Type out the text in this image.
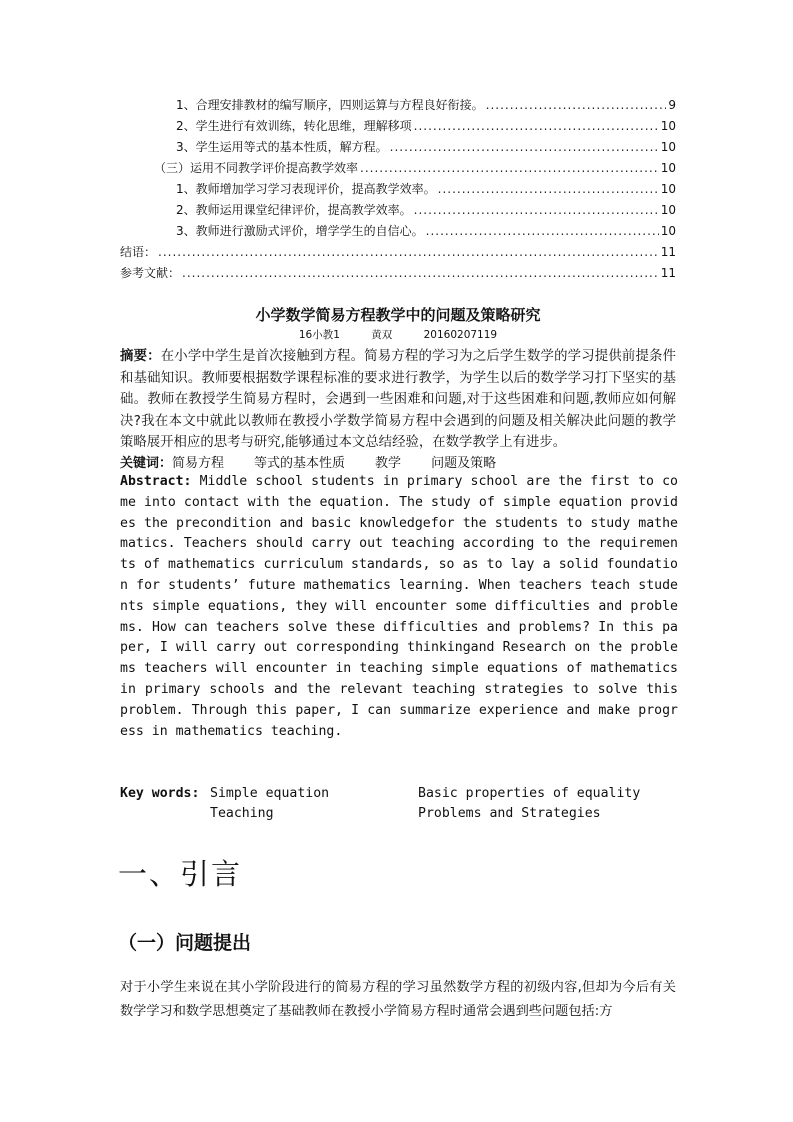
1、合理安排教材的编写顺序，四则运算与方程良好衔接。 .....	9
2、学生进行有效训练，转化思维，理解移项 .....	10
3、学生运用等式的基本性质，解方程。 .....	10
（三）运用不同教学评价提高教学效率 .....	10
1、教师增加学习学习表现评价，提高教学效率。 .....	10
2、教师运用课堂纪律评价，提高教学效率。 .....	10
3、教师进行激励式评价，增学学生的自信心。 .....	10
结语： .....	11
参考文献： .....	11
小学数学简易方程教学中的问题及策略研究
16小教1	黄双	20160207119
摘要：在小学中学生是首次接触到方程。简易方程的学习为之后学生数学的学习提供前提条件和基础知识。教师要根据数学课程标准的要求进行教学，为学生以后的数学学习打下坚实的基础。教师在教授学生简易方程时，会遇到一些困难和问题,对于这些困难和问题,教师应如何解决?我在本文中就此以教师在教授小学数学简易方程中会遇到的问题及相关解决此问题的教学策略展开相应的思考与研究,能够通过本文总结经验，在数学教学上有进步。
关键词：简易方程 等式的基本性质 教学 问题及策略
Abstract: Middle school students in primary school are the first to come into contact with the equation. The study of simple equation provides the precondition and basic knowledgefor the students to study mathematics. Teachers should carry out teaching according to the requirements of mathematics curriculum standards, so as to lay a solid foundation for students’ future mathematics learning. When teachers teach students simple equations, they will encounter some difficulties and problems. How can teachers solve these difficulties and problems? In this paper, I will carry out corresponding thinkingand Research on the problems teachers will encounter in teaching simple equations of mathematics in primary schools and the relevant teaching strategies to solve this problem. Through this paper, I can summarize experience and make progress in mathematics teaching.
Key words: Simple equation	Basic properties of equality
Teaching	Problems and Strategies
一、引言
（一）问题提出
对于小学生来说在其小学阶段进行的简易方程的学习虽然数学方程的初级内容,但却为今后有关数学学习和数学思想奠定了基础教师在教授小学简易方程时通常会遇到些问题包括:方
